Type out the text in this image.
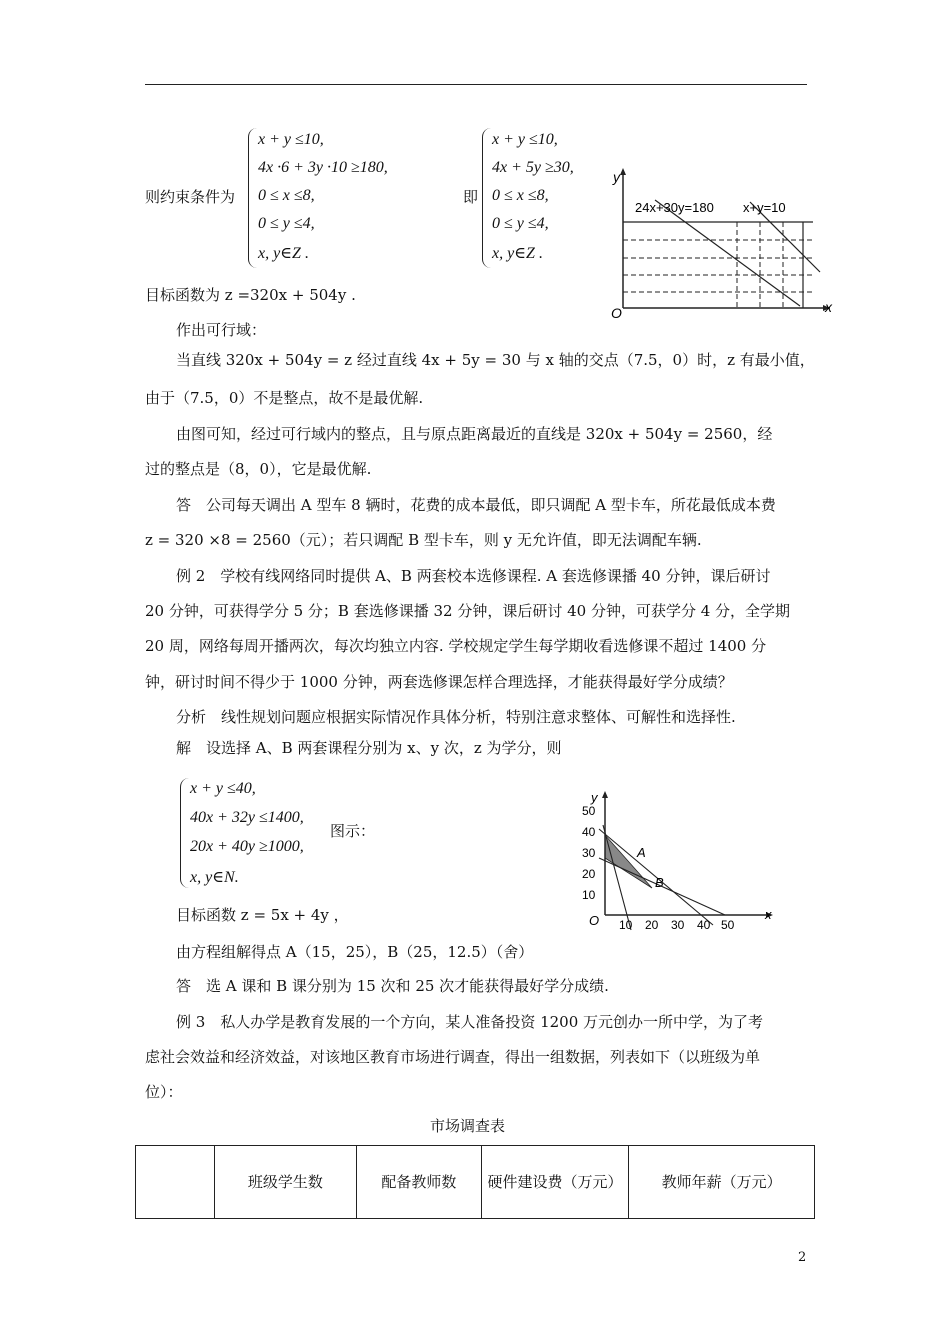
则约束条件为
x + y ≤10,
4x ·6 + 3y ·10 ≥180,
0 ≤ x ≤8,
0 ≤ y ≤4,
x, y∈Z .
即
x + y ≤10,
4x + 5y ≥30,
0 ≤ x ≤8,
0 ≤ y ≤4,
x, y∈Z .
目标函数为 z =320x + 504y .
y
x
O
24x+30y=180 x+y=10
作出可行域：
当直线 320x + 504y = z 经过直线 4x + 5y = 30 与 x 轴的交点（7.5，0）时，z 有最小值，
由于（7.5，0）不是整点，故不是最优解.
由图可知，经过可行域内的整点，且与原点距离最近的直线是 320x + 504y = 2560，经
过的整点是（8，0），它是最优解.
答　公司每天调出 A 型车 8 辆时，花费的成本最低，即只调配 A 型卡车，所花最低成本费
z = 320 ×8 = 2560（元）；若只调配 B 型卡车，则 y 无允许值，即无法调配车辆.
例 2　学校有线网络同时提供 A、B 两套校本选修课程. A 套选修课播 40 分钟，课后研讨
20 分钟，可获得学分 5 分；B 套选修课播 32 分钟，课后研讨 40 分钟，可获学分 4 分，全学期
20 周，网络每周开播两次，每次均独立内容. 学校规定学生每学期收看选修课不超过 1400 分
钟，研讨时间不得少于 1000 分钟，两套选修课怎样合理选择，才能获得最好学分成绩？
分析　线性规划问题应根据实际情况作具体分析，特别注意求整体、可解性和选择性.
解　设选择 A、B 两套课程分别为 x、y 次，z 为学分，则
x + y ≤40,
40x + 32y ≤1400,
20x + 40y ≥1000,
x, y∈N.
图示：
目标函数 z = 5x + 4y ，
由方程组解得点 A（15，25），B（25，12.5）（舍）
答　选 A 课和 B 课分别为 15 次和 25 次才能获得最好学分成绩.
例 3　私人办学是教育发展的一个方向，某人准备投资 1200 万元创办一所中学，为了考
虑社会效益和经济效益，对该地区教育市场进行调查，得出一组数据，列表如下（以班级为单
位）：
y
x
O
10
20
30
40
50
10 20 30 40 50
A
B
市场调查表
	班级学生数	配备教师数	硬件建设费（万元）	教师年薪（万元）
2
